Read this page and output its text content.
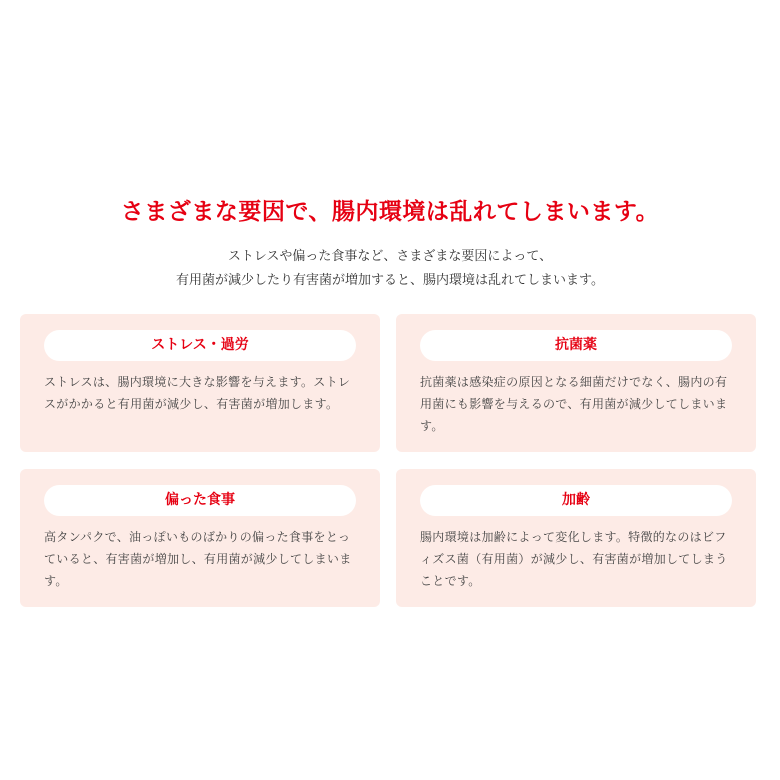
さまざまな要因で、腸内環境は乱れてしまいます。

ストレスや偏った食事など、さまざまな要因によって、

有用菌が減少したり有害菌が増加すると、腸内環境は乱れてしまいます。

ストレス・過労
ストレスは、腸内環境に大きな影響を与えます。ストレスがかかると有用菌が減少し、有害菌が増加します。
抗菌薬
抗菌薬は感染症の原因となる細菌だけでなく、腸内の有用菌にも影響を与えるので、有用菌が減少してしまいます。
偏った食事
高タンパクで、油っぽいものばかりの偏った食事をとっていると、有害菌が増加し、有用菌が減少してしまいます。
加齢
腸内環境は加齢によって変化します。特徴的なのはビフィズス菌（有用菌）が減少し、有害菌が増加してしまうことです。
